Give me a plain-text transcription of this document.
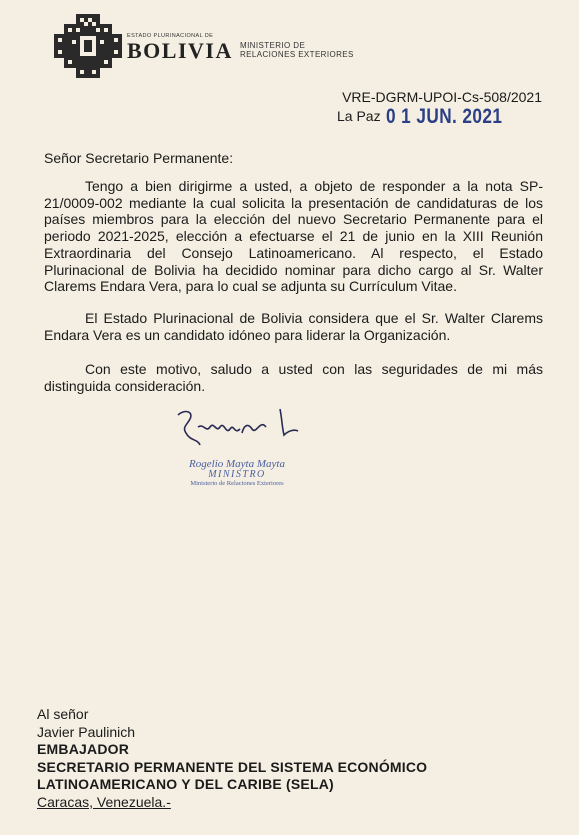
ESTADO PLURINACIONAL DE
BOLIVIA MINISTERIO DE
RELACIONES EXTERIORES
VRE-DGRM-UPOI-Cs-508/2021
La Paz 0 1 JUN. 2021
Señor Secretario Permanente:

Tengo a bien dirigirme a usted, a objeto de responder a la nota SP-21/0009-002 mediante la cual solicita la presentación de candidaturas de los países miembros para la elección del nuevo Secretario Permanente para el periodo 2021-2025, elección a efectuarse el 21 de junio en la XIII Reunión Extraordinaria del Consejo Latinoamericano. Al respecto, el Estado Plurinacional de Bolivia ha decidido nominar para dicho cargo al Sr. Walter Clarems Endara Vera, para lo cual se adjunta su Currículum Vitae.

El Estado Plurinacional de Bolivia considera que el Sr. Walter Clarems Endara Vera es un candidato idóneo para liderar la Organización.

Con este motivo, saludo a usted con las seguridades de mi más distinguida consideración.

Rogelio Mayta Mayta
MINISTRO
Ministerio de Relaciones Exteriores
Al señor
Javier Paulinich
EMBAJADOR
SECRETARIO PERMANENTE DEL SISTEMA ECONÓMICO
LATINOAMERICANO Y DEL CARIBE (SELA)
Caracas, Venezuela.-
